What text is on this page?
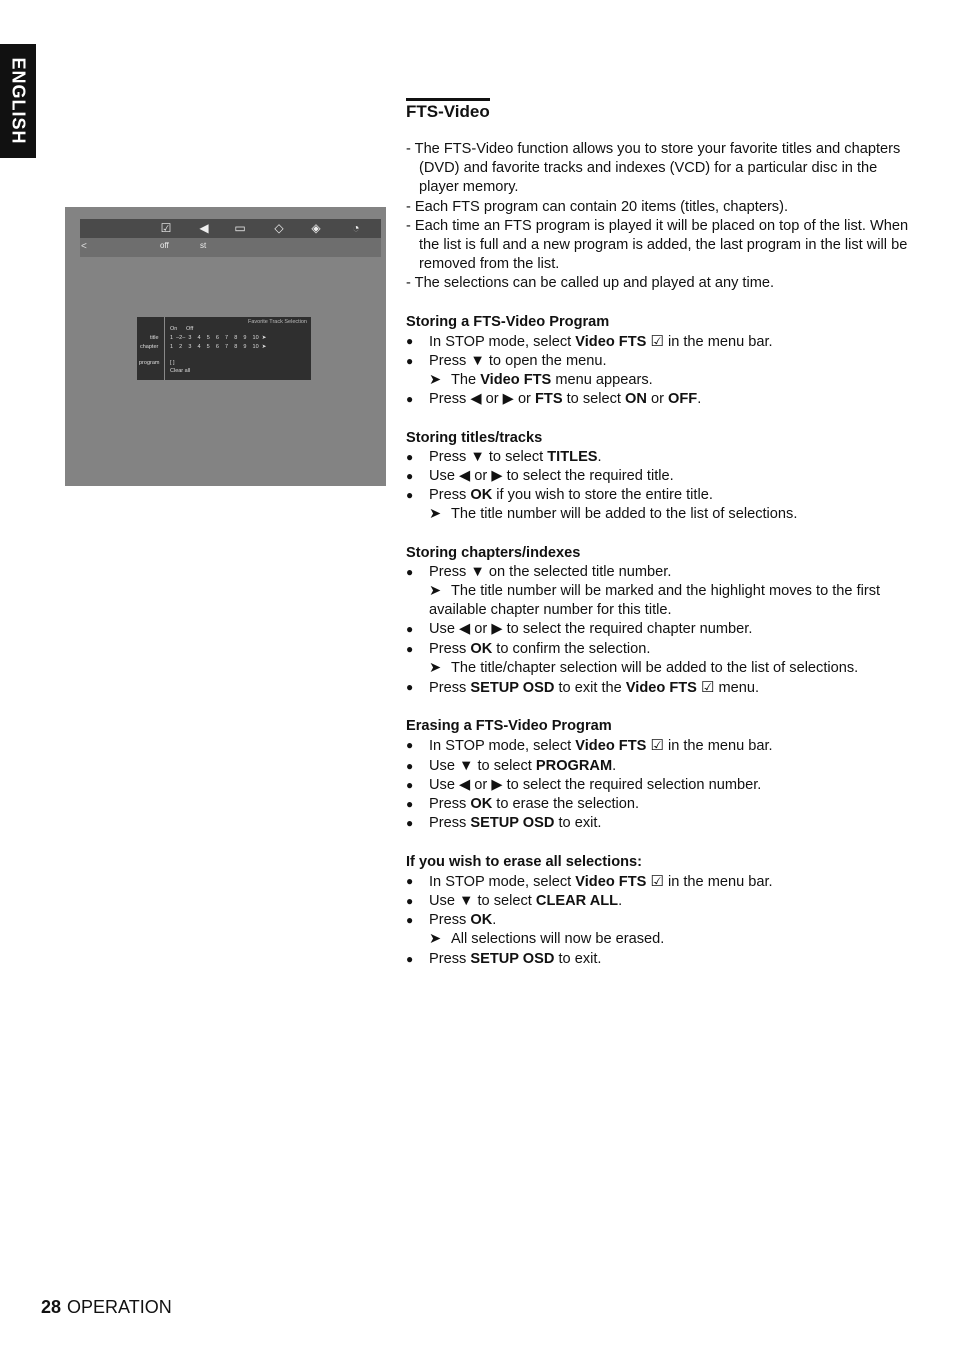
ENGLISH
<
☑ ◀ ▭ ◇ ◈	◔
off	st
Favorite Track Selection
On Off
title 1  –2–  3    4    5    6    7    8    9    10  ➤
chapter 1    2    3    4    5    6    7    8    9    10  ➤
program [ ]
Clear all
FTS-Video
- The FTS-Video function allows you to store your favorite titles and chapters (DVD) and favorite tracks and indexes (VCD) for a particular disc in the player memory.
- Each FTS program can contain 20 items (titles, chapters).
- Each time an FTS program is played it will be placed on top of the list. When the list is full and a new program is added, the last program in the list will be removed from the list.
- The selections can be called up and played at any time.
Storing a FTS-Video Program
● In STOP mode, select Video FTS ☑ in the menu bar.
● Press ▼ to open the menu.
➤ The Video FTS menu appears.
● Press ◀ or ▶ or FTS to select ON or OFF.
Storing titles/tracks
● Press ▼ to select TITLES.
● Use ◀ or ▶ to select the required title.
● Press OK if you wish to store the entire title.
➤ The title number will be added to the list of selections.
Storing chapters/indexes
● Press ▼ on the selected title number.
➤ The title number will be marked and the highlight moves to the first available chapter number for this title.
● Use ◀ or ▶ to select the required chapter number.
● Press OK to confirm the selection.
➤ The title/chapter selection will be added to the list of selections.
● Press SETUP OSD to exit the Video FTS ☑ menu.
Erasing a FTS-Video Program
● In STOP mode, select Video FTS ☑ in the menu bar.
● Use ▼ to select PROGRAM.
● Use ◀ or ▶ to select the required selection number.
● Press OK to erase the selection.
● Press SETUP OSD to exit.
If you wish to erase all selections:
● In STOP mode, select Video FTS ☑ in the menu bar.
● Use ▼ to select CLEAR ALL.
● Press OK.
➤ All selections will now be erased.
● Press SETUP OSD to exit.
28 OPERATION
